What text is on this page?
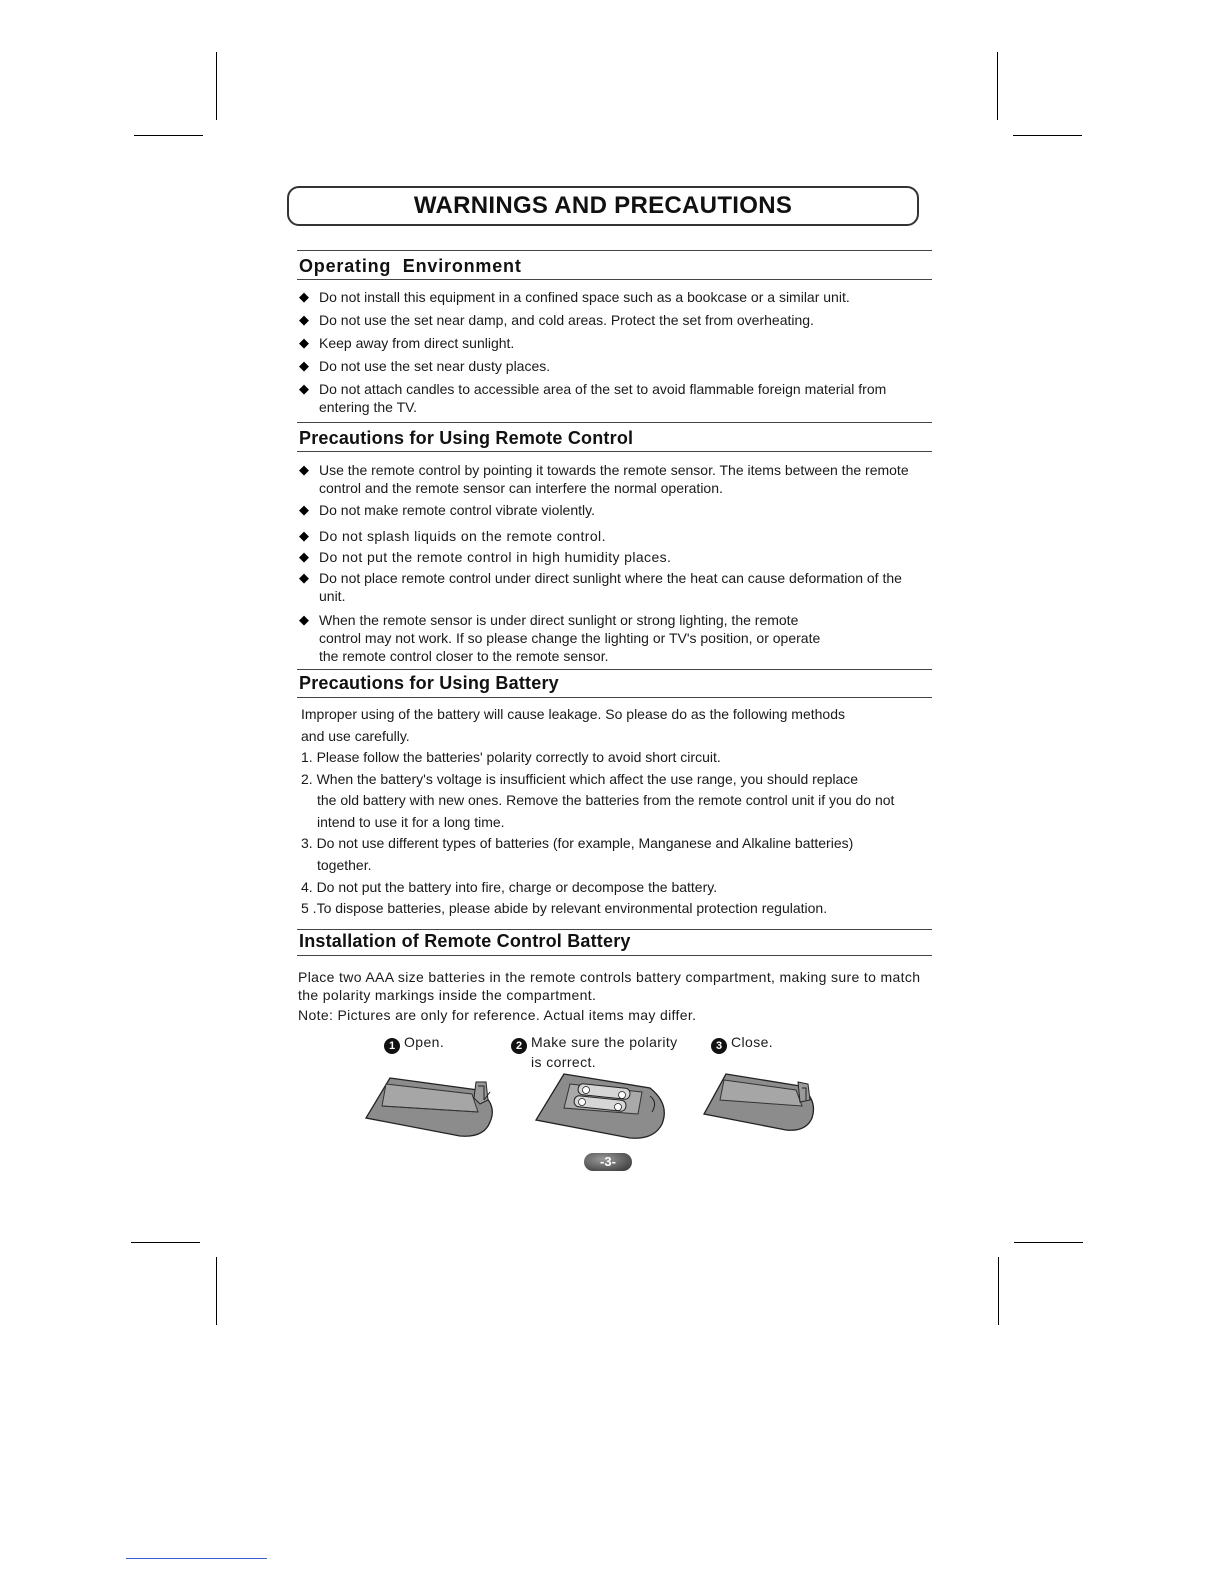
WARNINGS AND PRECAUTIONS
Operating  Environment
◆ Do not install this equipment in a confined space such as a bookcase or a similar unit.
◆ Do not use the set near damp, and cold areas. Protect the set from overheating.
◆ Keep away from direct sunlight.
◆ Do not use the set near dusty places.
◆ Do not attach candles to accessible area of the set to avoid flammable foreign material from entering the TV.
Precautions for Using Remote Control
◆ Use the remote control by pointing it towards the remote sensor. The items between the remote control and the remote sensor can interfere the normal operation.
◆ Do not make remote control vibrate violently.
◆ Do not splash liquids on the remote control.
◆ Do not put the remote control in high humidity places.
◆ Do not place remote control under direct sunlight where the heat can cause deformation of the unit.
◆ When the remote sensor is under direct sunlight or strong lighting, the remote control may not work. If so please change the lighting or TV's position, or operate the remote control closer to the remote sensor.
Precautions for Using Battery

Improper using of the battery will cause leakage. So please do as the following methods
and use carefully.

1. Please follow the batteries' polarity correctly to avoid short circuit.
2. When the battery's voltage is insufficient which affect the use range, you should replace
the old battery with new ones. Remove the batteries from the remote control unit if you do not
intend to use it for a long time.
3. Do not use different types of batteries (for example, Manganese and Alkaline batteries)
together.
4. Do not put the battery into fire, charge or decompose the battery.
5 .To dispose batteries, please abide by relevant environmental protection regulation.
Installation of Remote Control Battery
Place two AAA size batteries in the remote controls battery compartment, making sure to match the polarity markings inside the compartment.
Note: Pictures are only for reference. Actual items may differ.
1 Open.	2 Make sure the polarity is correct.
3 Close.
-3-
